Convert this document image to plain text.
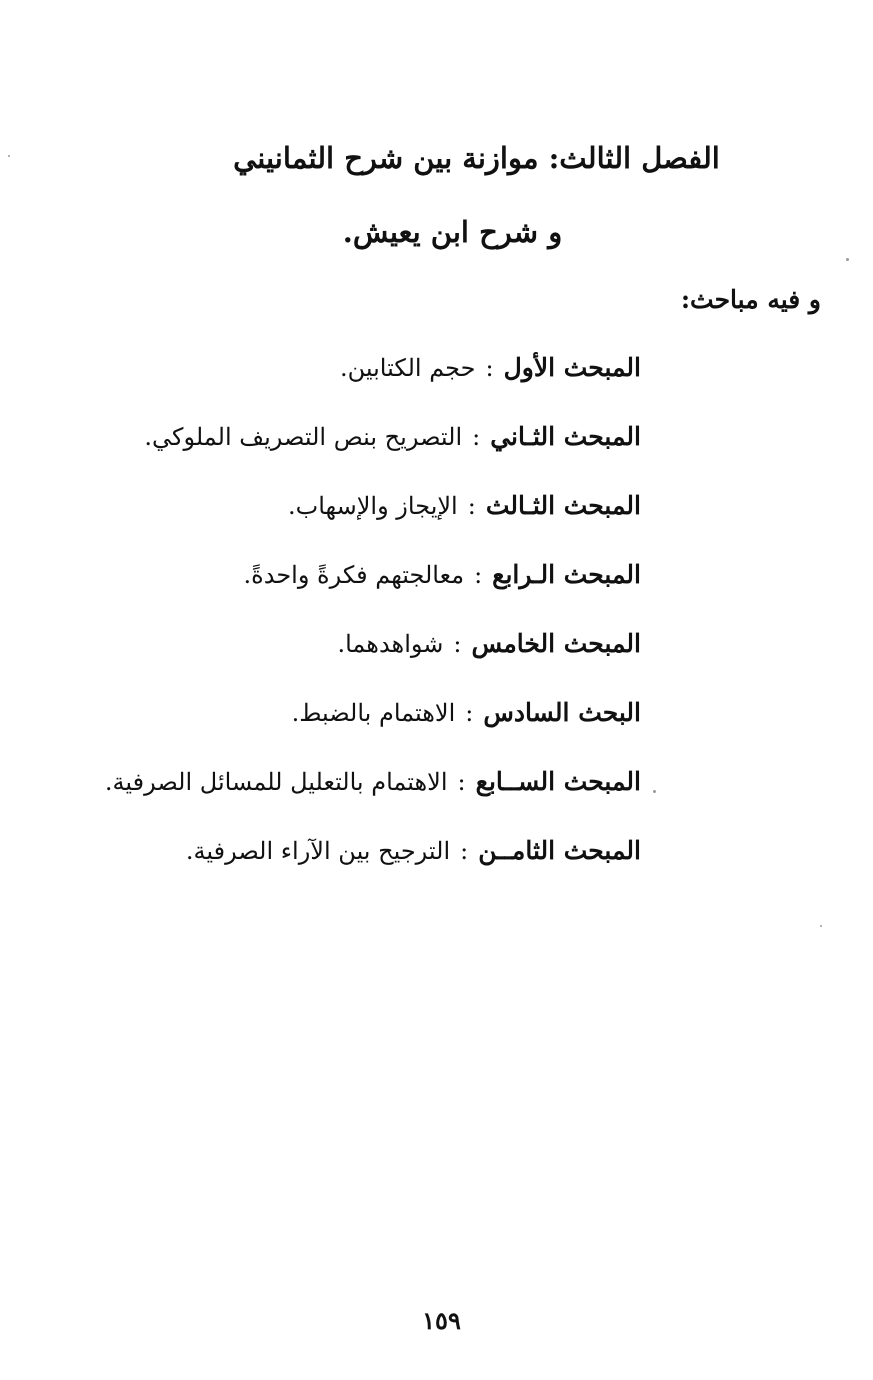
الفصل الثالث: موازنة بين شرح الثمانيني
و شرح ابن يعيش.
و فيه مباحث:
المبحث الأول:حجم الكتابين.
المبحث الثـاني:التصريح بنص التصريف الملوكي.
المبحث الثـالث:الإيجاز والإسهاب.
المبحث الـرابع:معالجتهم فكرةً واحدةً.
المبحث الخامس:شواهدهما.
البحث السادس:الاهتمام بالضبط.
المبحث الســابع:الاهتمام بالتعليل للمسائل الصرفية.
المبحث الثامــن:الترجيح بين الآراء الصرفية.
١٥٩
